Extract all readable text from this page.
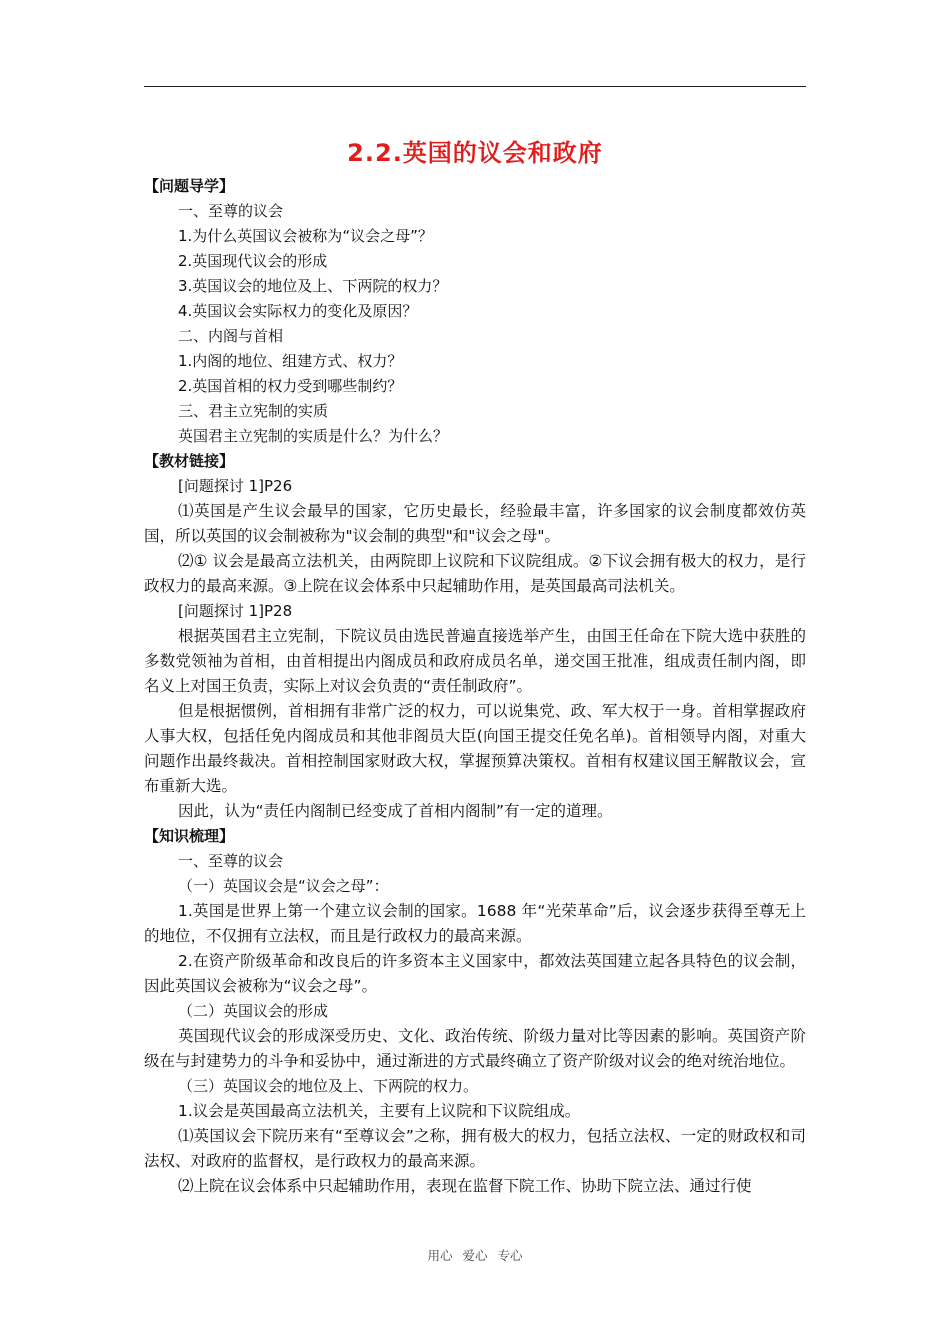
2.2.英国的议会和政府
【问题导学】
一、至尊的议会
1.为什么英国议会被称为“议会之母”？
2.英国现代议会的形成
3.英国议会的地位及上、下两院的权力？
4.英国议会实际权力的变化及原因？
二、内阁与首相
1.内阁的地位、组建方式、权力？
2.英国首相的权力受到哪些制约？
三、君主立宪制的实质
英国君主立宪制的实质是什么？为什么？
【教材链接】
[问题探讨 1]P26

⑴英国是产生议会最早的国家，它历史最长，经验最丰富，许多国家的议会制度都效仿英国，所以英国的议会制被称为"议会制的典型"和"议会之母"。

⑵① 议会是最高立法机关，由两院即上议院和下议院组成。②下议会拥有极大的权力，是行政权力的最高来源。③上院在议会体系中只起辅助作用，是英国最高司法机关。

[问题探讨 1]P28

根据英国君主立宪制，下院议员由选民普遍直接选举产生，由国王任命在下院大选中获胜的多数党领袖为首相，由首相提出内阁成员和政府成员名单，递交国王批准，组成责任制内阁，即名义上对国王负责，实际上对议会负责的“责任制政府”。

但是根据惯例，首相拥有非常广泛的权力，可以说集党、政、军大权于一身。首相掌握政府人事大权，包括任免内阁成员和其他非阁员大臣(向国王提交任免名单)。首相领导内阁，对重大问题作出最终裁决。首相控制国家财政大权，掌握预算决策权。首相有权建议国王解散议会，宣布重新大选。

因此，认为“责任内阁制已经变成了首相内阁制”有一定的道理。

【知识梳理】
一、至尊的议会
（一）英国议会是“议会之母”：

1.英国是世界上第一个建立议会制的国家。1688 年“光荣革命”后，议会逐步获得至尊无上的地位，不仅拥有立法权，而且是行政权力的最高来源。

2.在资产阶级革命和改良后的许多资本主义国家中，都效法英国建立起各具特色的议会制，因此英国议会被称为“议会之母”。

（二）英国议会的形成

英国现代议会的形成深受历史、文化、政治传统、阶级力量对比等因素的影响。英国资产阶级在与封建势力的斗争和妥协中，通过渐进的方式最终确立了资产阶级对议会的绝对统治地位。

（三）英国议会的地位及上、下两院的权力。

1.议会是英国最高立法机关，主要有上议院和下议院组成。

⑴英国议会下院历来有“至尊议会”之称，拥有极大的权力，包括立法权、一定的财政权和司法权、对政府的监督权，是行政权力的最高来源。

⑵上院在议会体系中只起辅助作用，表现在监督下院工作、协助下院立法、通过行使

用心 爱心 专心
